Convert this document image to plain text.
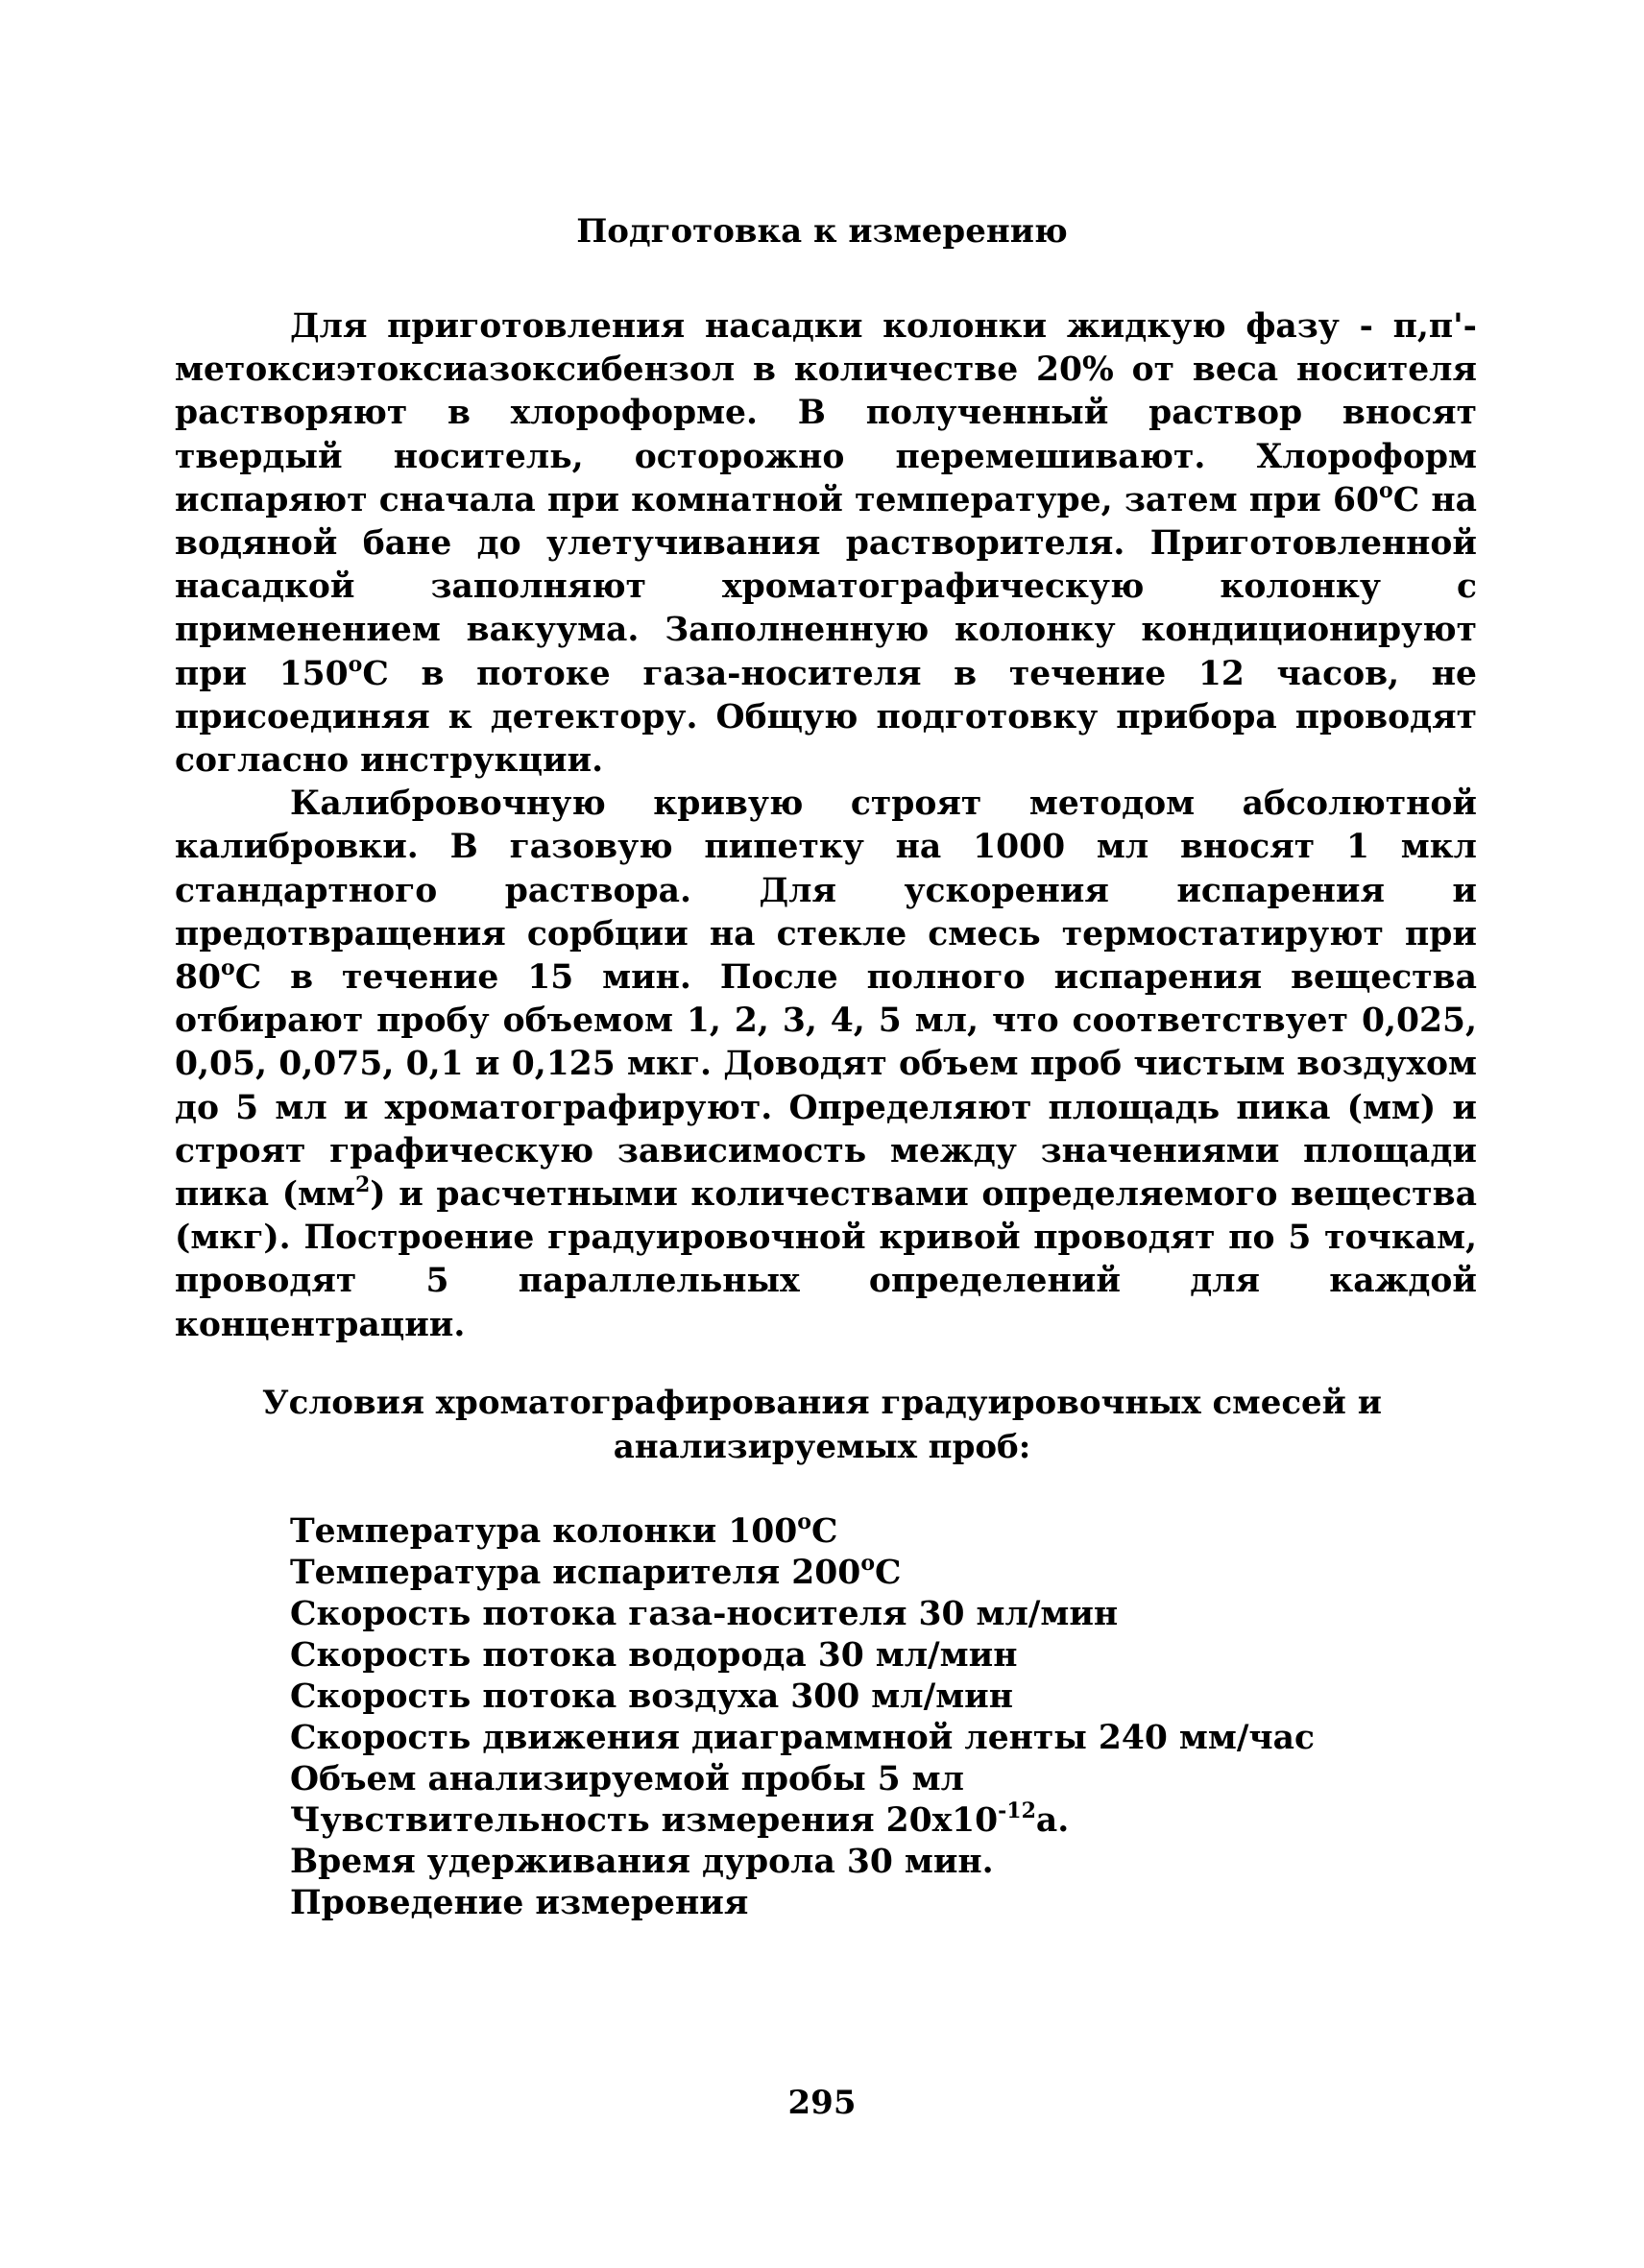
Подготовка к измерению

Для приготовления насадки колонки жидкую фазу - п,п'-метоксиэтоксиазоксибензол в количестве 20% от веса носителя растворяют в хлороформе. В полученный раствор вносят твердый носитель, осторожно перемешивают. Хлороформ испаряют сначала при комнатной температуре, затем при $60^оС$ на водяной бане до улетучивания растворителя. Приготовленной насадкой заполняют хроматографическую колонку с применением вакуума. Заполненную колонку кондиционируют при $150^оС$ в потоке газа-носителя в течение 12 часов, не присоединяя к детектору. Общую подготовку прибора проводят согласно инструкции.

Калибровочную кривую строят методом абсолютной калибровки. В газовую пипетку на 1000 мл вносят 1 мкл стандартного раствора. Для ускорения испарения и предотвращения сорбции на стекле смесь термостатируют при $80^оС$ в течение 15 мин. После полного испарения вещества отбирают пробу объемом 1, 2, 3, 4, 5 мл, что соответствует 0,025, 0,05, 0,075, 0,1 и 0,125 мкг. Доводят объем проб чистым воздухом до 5 мл и хроматографируют. Определяют площадь пика (мм) и строят графическую зависимость между значениями площади пика $(мм^2)$ и расчетными количествами определяемого вещества (мкг). Построение градуировочной кривой проводят по 5 точкам, проводят 5 параллельных определений для каждой концентрации.

Условия хроматографирования градуировочных смесей и
анализируемых проб:
Температура колонки $100^оС$
Температура испарителя $200^оС$
Скорость потока газа-носителя 30 мл/мин
Скорость потока водорода 30 мл/мин
Скорость потока воздуха 300 мл/мин
Скорость движения диаграммной ленты 240 мм/час
Объем анализируемой пробы 5 мл
Чувствительность измерения $20x10^{-12}а$.
Время удерживания дурола 30 мин.
Проведение измерения
295
